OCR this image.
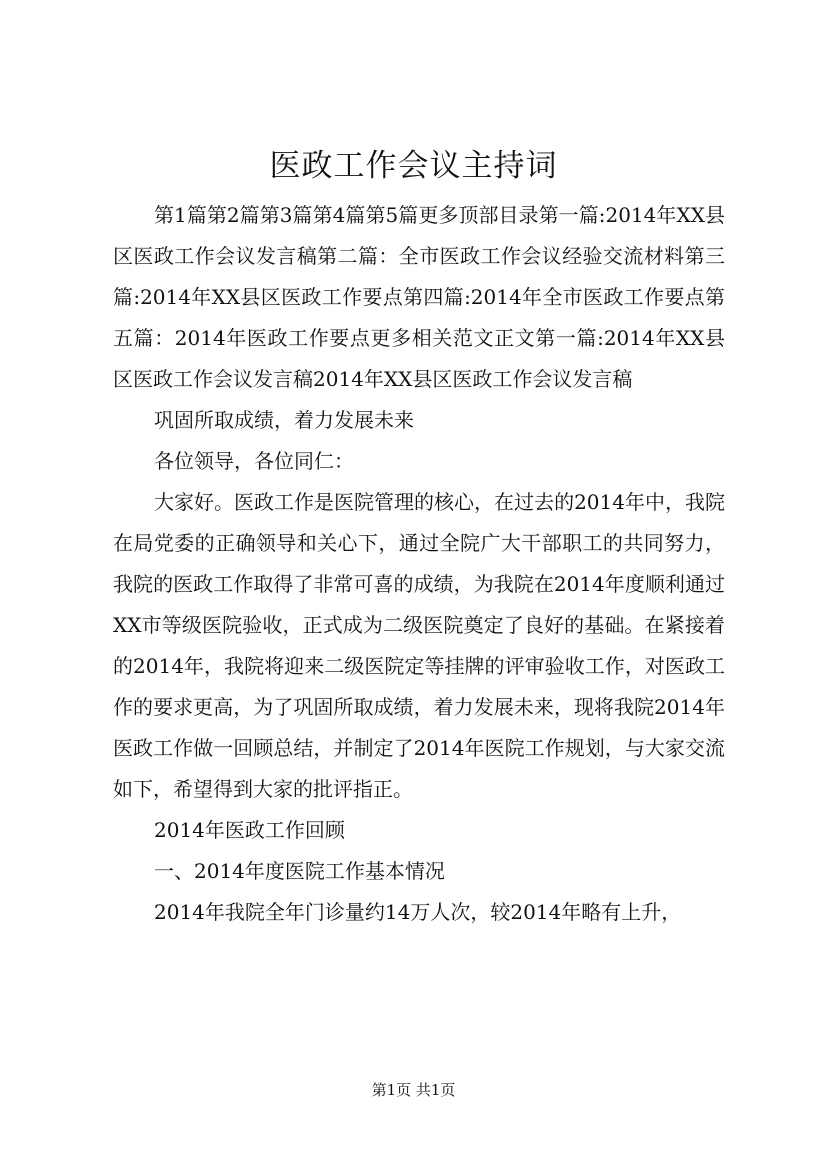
医政工作会议主持词

第1篇第2篇第3篇第4篇第5篇更多顶部目录第一篇:2014年XX县区医政工作会议发言稿第二篇：全市医政工作会议经验交流材料第三篇:2014年XX县区医政工作要点第四篇:2014年全市医政工作要点第五篇：2014年医政工作要点更多相关范文正文第一篇:2014年XX县区医政工作会议发言稿2014年XX县区医政工作会议发言稿

巩固所取成绩，着力发展未来

各位领导，各位同仁：

大家好。医政工作是医院管理的核心，在过去的2014年中，我院在局党委的正确领导和关心下，通过全院广大干部职工的共同努力，我院的医政工作取得了非常可喜的成绩，为我院在2014年度顺利通过XX市等级医院验收，正式成为二级医院奠定了良好的基础。在紧接着的2014年，我院将迎来二级医院定等挂牌的评审验收工作，对医政工作的要求更高，为了巩固所取成绩，着力发展未来，现将我院2014年医政工作做一回顾总结，并制定了2014年医院工作规划，与大家交流如下，希望得到大家的批评指正。

2014年医政工作回顾

一、2014年度医院工作基本情况

2014年我院全年门诊量约14万人次，较2014年略有上升，

第1页 共1页
